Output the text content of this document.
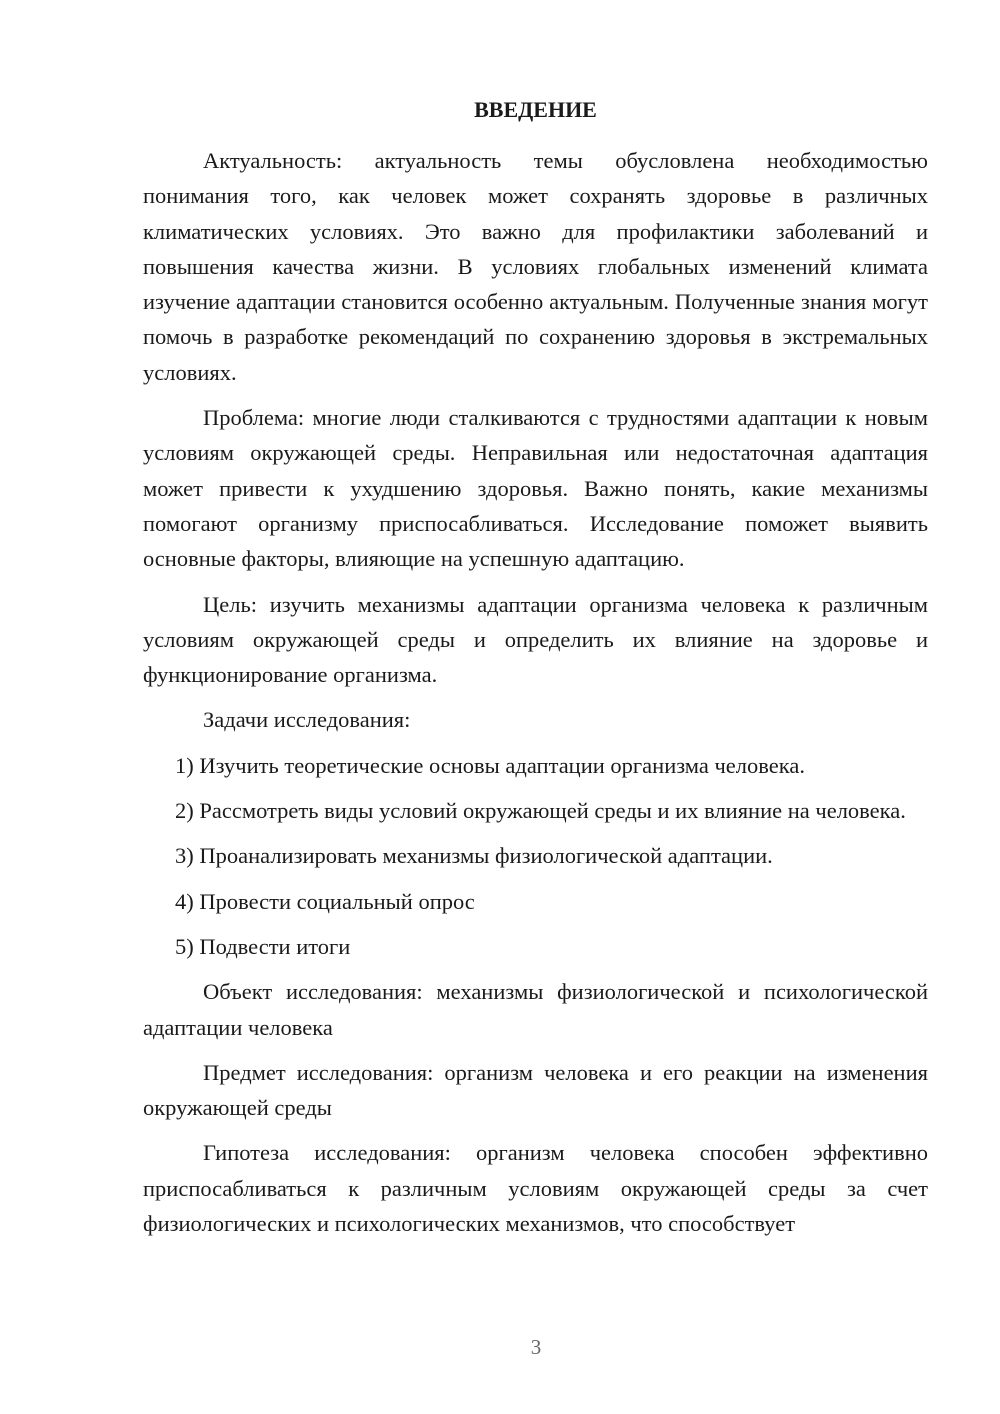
ВВЕДЕНИЕ

Актуальность: актуальность темы обусловлена необходимостью понимания того, как человек может сохранять здоровье в различных климатических условиях. Это важно для профилактики заболеваний и повышения качества жизни. В условиях глобальных изменений климата изучение адаптации становится особенно актуальным. Полученные знания могут помочь в разработке рекомендаций по сохранению здоровья в экстремальных условиях.

Проблема: многие люди сталкиваются с трудностями адаптации к новым условиям окружающей среды. Неправильная или недостаточная адаптация может привести к ухудшению здоровья. Важно понять, какие механизмы помогают организму приспосабливаться. Исследование поможет выявить основные факторы, влияющие на успешную адаптацию.

Цель: изучить механизмы адаптации организма человека к различным условиям окружающей среды и определить их влияние на здоровье и функционирование организма.

Задачи исследования:

1) Изучить теоретические основы адаптации организма человека.

2) Рассмотреть виды условий окружающей среды и их влияние на человека.

3) Проанализировать механизмы физиологической адаптации.

4) Провести социальный опрос

5) Подвести итоги

Объект исследования: механизмы физиологической и психологической адаптации человека

Предмет исследования: организм человека и его реакции на изменения окружающей среды

Гипотеза исследования: организм человека способен эффективно приспосабливаться к различным условиям окружающей среды за счет физиологических и психологических механизмов, что способствует

3
